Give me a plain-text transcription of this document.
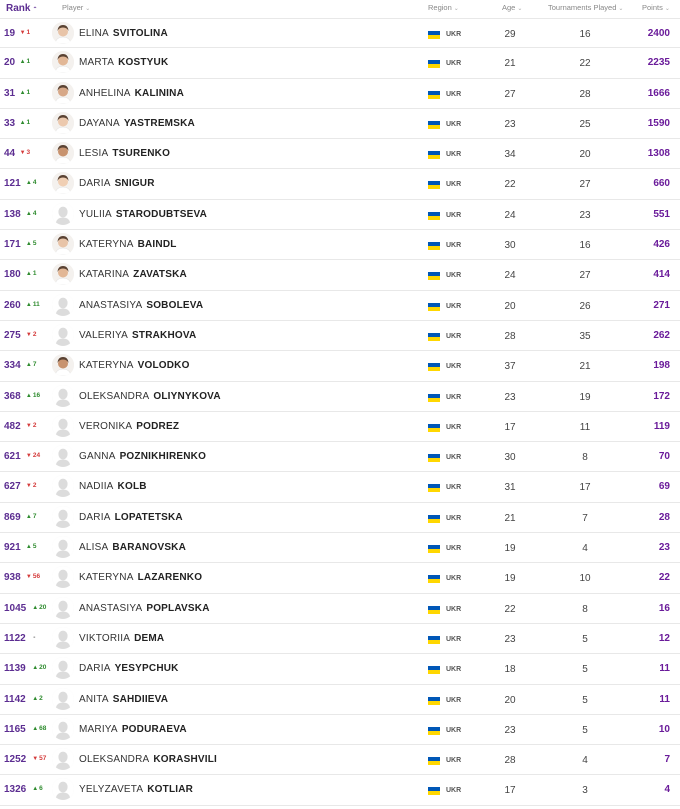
Rank ⌃	Player ⌄	Region ⌄	Age ⌄	Tournaments Played ⌄ Points ⌄
19 ▼1	ELINA SVITOLINA	UKR	29	16	2400
20 ▲1	MARTA KOSTYUK	UKR	21	22	2235
31 ▲1	ANHELINA KALININA	UKR	27	28	1666
33 ▲1	DAYANA YASTREMSKA	UKR	23	25	1590
44 ▼3	LESIA TSURENKO	UKR	34	20	1308
121 ▲4	DARIA SNIGUR	UKR	22	27	660
138 ▲4	YULIIA STARODUBTSEVA	UKR	24	23	551
171 ▲5	KATERYNA BAINDL	UKR	30	16	426
180 ▲1	KATARINA ZAVATSKA	UKR	24	27	414
260 ▲11	ANASTASIYA SOBOLEVA	UKR	20	26	271
275 ▼2	VALERIYA STRAKHOVA	UKR	28	35	262
334 ▲7	KATERYNA VOLODKO	UKR	37	21	198
368 ▲16	OLEKSANDRA OLIYNYKOVA	UKR	23	19	172
482 ▼2	VERONIKA PODREZ	UKR	17	11	119
621 ▼24	GANNA POZNIKHIRENKO	UKR	30	8	70
627 ▼2	NADIIA KOLB	UKR	31	17	69
869 ▲7	DARIA LOPATETSKA	UKR	21	7	28
921 ▲5	ALISA BARANOVSKA	UKR	19	4	23
938 ▼56	KATERYNA LAZARENKO	UKR	19	10	22
1045 ▲20	ANASTASIYA POPLAVSKA	UKR	22	8	16
1122 -	VIKTORIIA DEMA	UKR	23	5	12
1139 ▲20	DARIA YESYPCHUK	UKR	18	5	11
1142 ▲2	ANITA SAHDIIEVA	UKR	20	5	11
1165 ▲68	MARIYA PODURAEVA	UKR	23	5	10
1252 ▼57	OLEKSANDRA KORASHVILI	UKR	28	4	7
1326 ▲6	YELYZAVETA KOTLIAR	UKR	17	3	4
